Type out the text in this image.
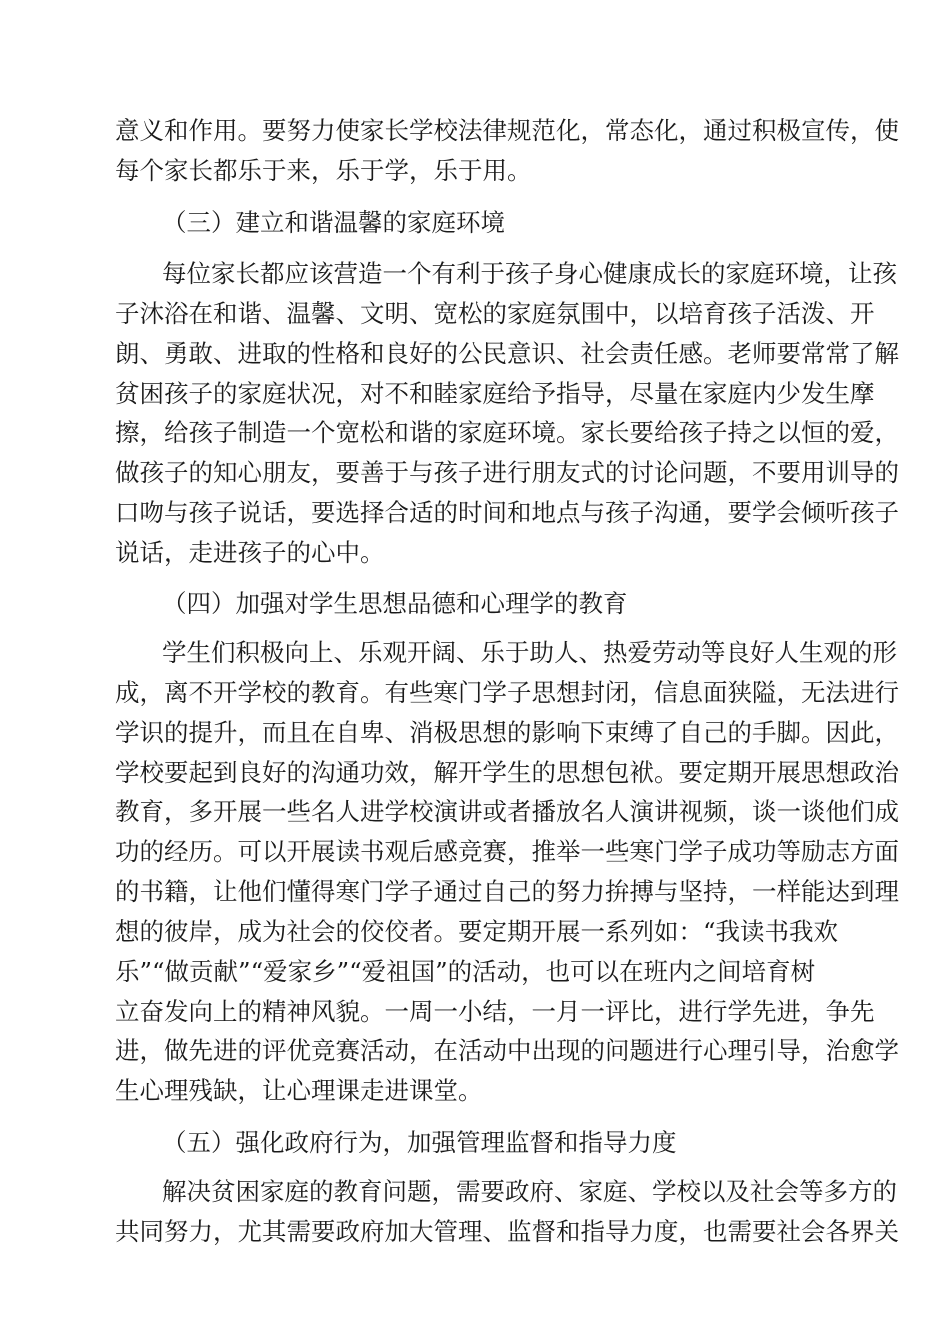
意义和作用。要努力使家长学校法律规范化，常态化，通过积极宣传，使
每个家长都乐于来，乐于学，乐于用。
（三）建立和谐温馨的家庭环境
每位家长都应该营造一个有利于孩子身心健康成长的家庭环境，让孩
子沐浴在和谐、温馨、文明、宽松的家庭氛围中，以培育孩子活泼、开
朗、勇敢、进取的性格和良好的公民意识、社会责任感。老师要常常了解
贫困孩子的家庭状况，对不和睦家庭给予指导，尽量在家庭内少发生摩
擦，给孩子制造一个宽松和谐的家庭环境。家长要给孩子持之以恒的爱，
做孩子的知心朋友，要善于与孩子进行朋友式的讨论问题，不要用训导的
口吻与孩子说话，要选择合适的时间和地点与孩子沟通，要学会倾听孩子
说话，走进孩子的心中。
（四）加强对学生思想品德和心理学的教育
学生们积极向上、乐观开阔、乐于助人、热爱劳动等良好人生观的形
成，离不开学校的教育。有些寒门学子思想封闭，信息面狭隘，无法进行
学识的提升，而且在自卑、消极思想的影响下束缚了自己的手脚。因此，
学校要起到良好的沟通功效，解开学生的思想包袱。要定期开展思想政治
教育，多开展一些名人进学校演讲或者播放名人演讲视频，谈一谈他们成
功的经历。可以开展读书观后感竞赛，推举一些寒门学子成功等励志方面
的书籍，让他们懂得寒门学子通过自己的努力拚搏与坚持，一样能达到理
想的彼岸，成为社会的佼佼者。要定期开展一系列如：“我读书我欢
乐”“做贡献”“爱家乡”“爱祖国”的活动，也可以在班内之间培育树
立奋发向上的精神风貌。一周一小结，一月一评比，进行学先进，争先
进，做先进的评优竞赛活动，在活动中出现的问题进行心理引导，治愈学
生心理残缺，让心理课走进课堂。
（五）强化政府行为，加强管理监督和指导力度
解决贫困家庭的教育问题，需要政府、家庭、学校以及社会等多方的
共同努力，尤其需要政府加大管理、监督和指导力度，也需要社会各界关
